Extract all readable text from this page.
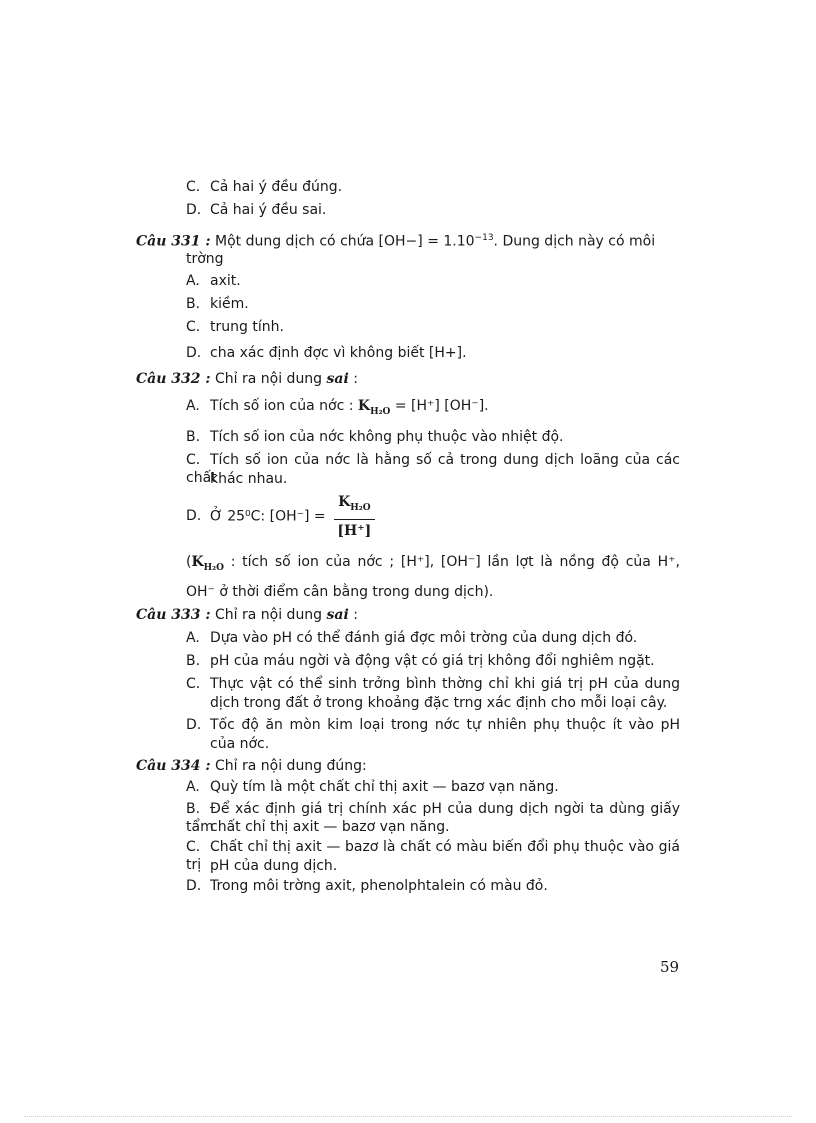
C. Cả hai ý đều đúng.
D. Cả hai ý đều sai.
Câu 331 : Một dung dịch có chứa $[OH-] = 1.10^{-13}$. Dung dịch này có môi
trờng
A. axit.
B. kiềm.
C. trung tính.
D. cha xác định đợc vì không biết [H+].
Câu 332 : Chỉ ra nội dung sai :
A. Tích số ion của nớc : $K_{H_2O} = [H^+]$ [OH⁻].
B. Tích số ion của nớc không phụ thuộc vào nhiệt độ.
C. Tích số ion của nớc là hằng số cả trong dung dịch loãng của các chất
khác nhau.
D. Ở 25⁰C: $[OH^-] = \frac{K_{H_2O}}{[H^+]}$
($K_{H_2O}$ : tích số ion của nớc ; [H⁺], [OH⁻] lần lợt là nồng độ của H⁺,
OH⁻ ở thời điểm cân bằng trong dung dịch).
Câu 333 : Chỉ ra nội dung sai :
A. Dựa vào pH có thể đánh giá đợc môi trờng của dung dịch đó.
B. pH của máu ngời và động vật có giá trị không đổi nghiêm ngặt.
C. Thực vật có thể sinh trởng bình thờng chỉ khi giá trị pH của dung
dịch trong đất ở trong khoảng đặc trng xác định cho mỗi loại cây.
D. Tốc độ ăn mòn kim loại trong nớc tự nhiên phụ thuộc ít vào pH
của nớc.
Câu 334 : Chỉ ra nội dung đúng:
A. Quỳ tím là một chất chỉ thị axit — bazơ vạn năng.
B. Để xác định giá trị chính xác pH của dung dịch ngời ta dùng giấy tẩm
chất chỉ thị axit — bazơ vạn năng.
C. Chất chỉ thị axit — bazơ là chất có màu biến đổi phụ thuộc vào giá trị pH của dung dịch.
D. Trong môi trờng axit, phenolphtalein có màu đỏ.
59
